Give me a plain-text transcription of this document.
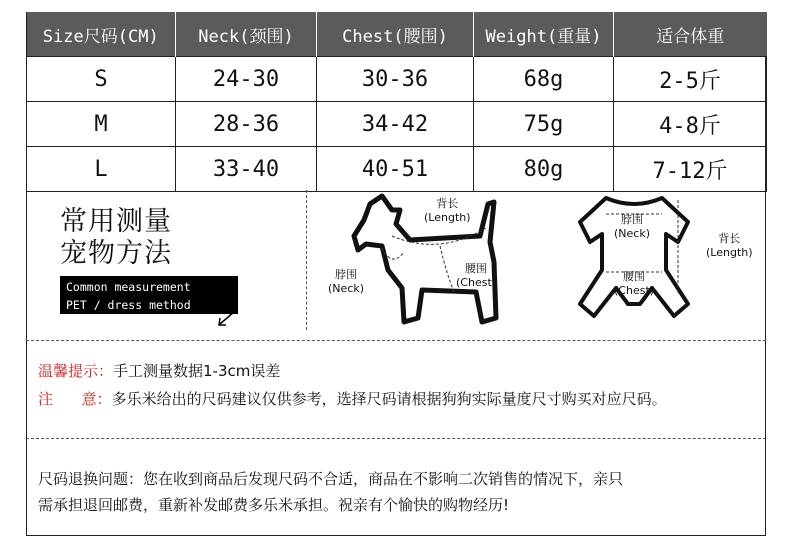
Size尺码(CM)	Neck(颈围)	Chest(腰围)	Weight(重量)	适合体重
S	24-30	30-36	68g	2-5斤
M	28-36	34-42	75g	4-8斤
L	33-40	40-51	80g	7-12斤
常用测量
宠物方法
Common measurement
PET / dress method
背长
(Length)
脖围
(Neck)
腰围
(Chest)
脖围
(Neck)	背长
(Length)
腰围
(Chest)
温馨提示：手工测量数据1-3cm误差
注      意：多乐米给出的尺码建议仅供参考，选择尺码请根据狗狗实际量度尺寸购买对应尺码。
尺码退换问题：您在收到商品后发现尺码不合适，商品在不影响二次销售的情况下，亲只
需承担退回邮费，重新补发邮费多乐米承担。祝亲有个愉快的购物经历!
